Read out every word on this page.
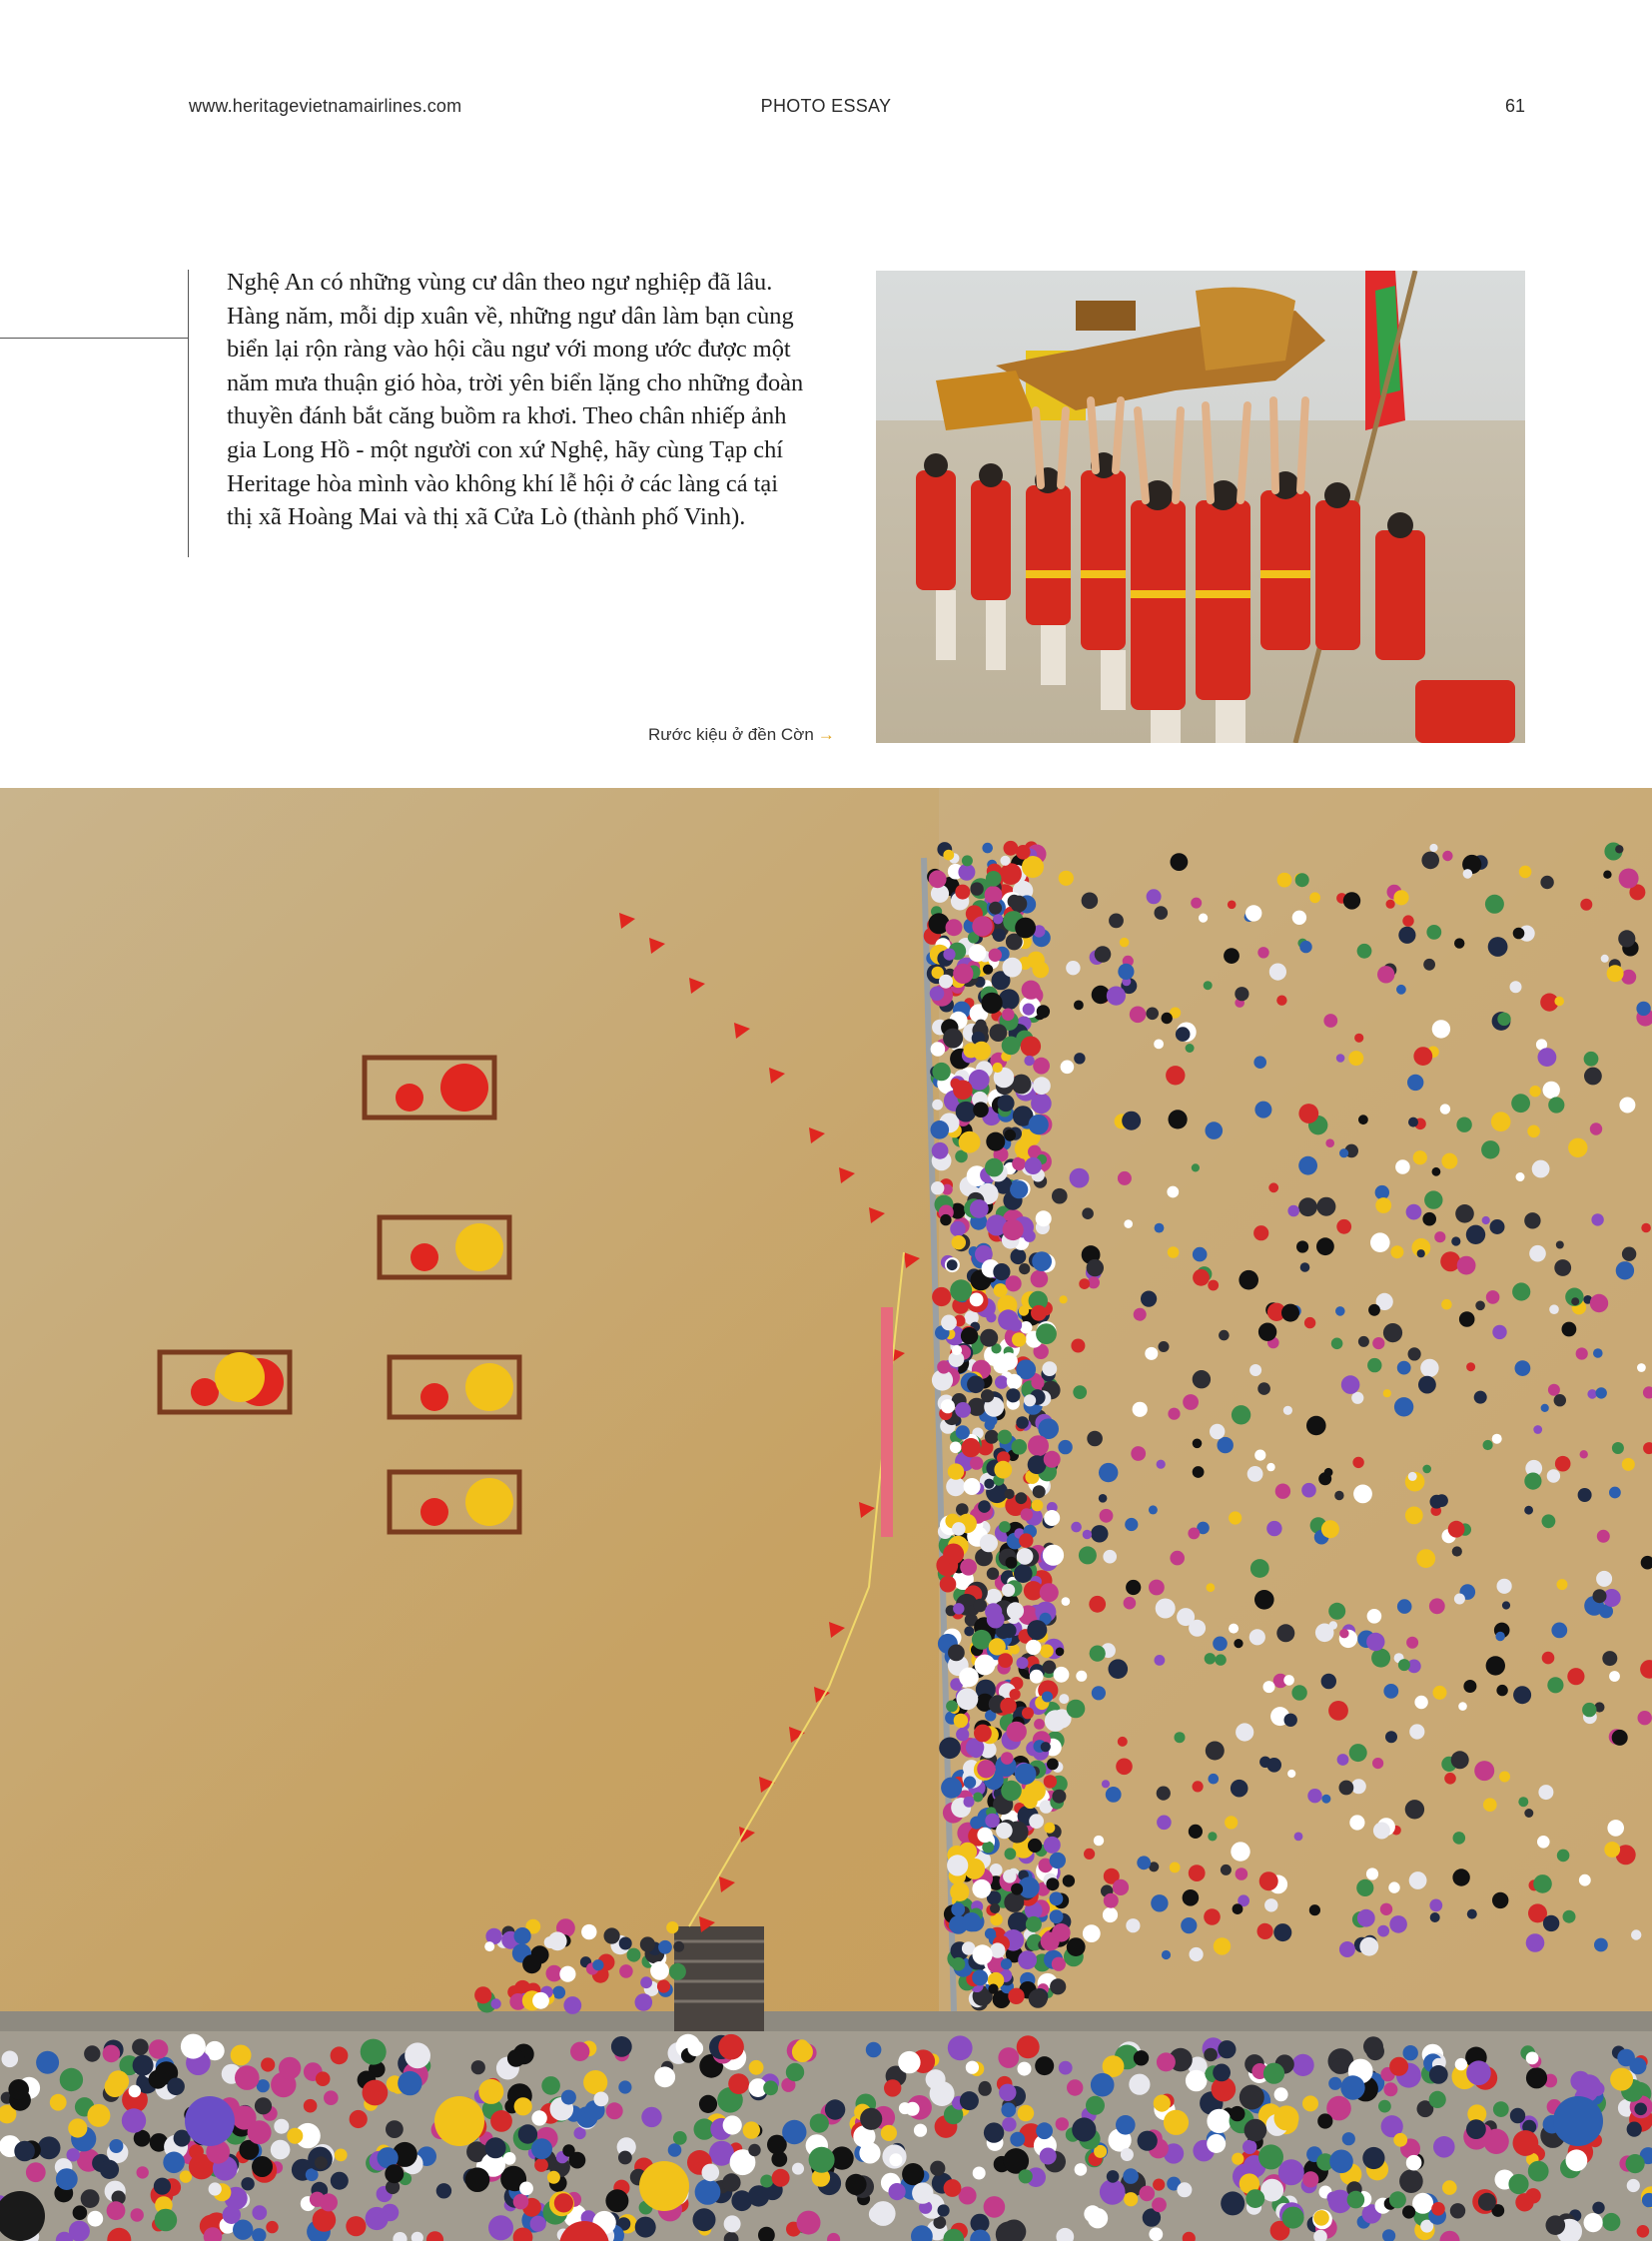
www.heritagevietnamairlines.com	PHOTO ESSAY	61

Nghệ An có những vùng cư dân theo ngư nghiệp đã lâu. Hàng năm, mỗi dịp xuân về, những ngư dân làm bạn cùng biển lại rộn ràng vào hội cầu ngư với mong ước được một năm mưa thuận gió hòa, trời yên biển lặng cho những đoàn thuyền đánh bắt căng buồm ra khơi. Theo chân nhiếp ảnh gia Long Hồ - một người con xứ Nghệ, hãy cùng Tạp chí Heritage hòa mình vào không khí lễ hội ở các làng cá tại thị xã Hoàng Mai và thị xã Cửa Lò (thành phố Vinh).

Rước kiệu ở đền Cờn →
